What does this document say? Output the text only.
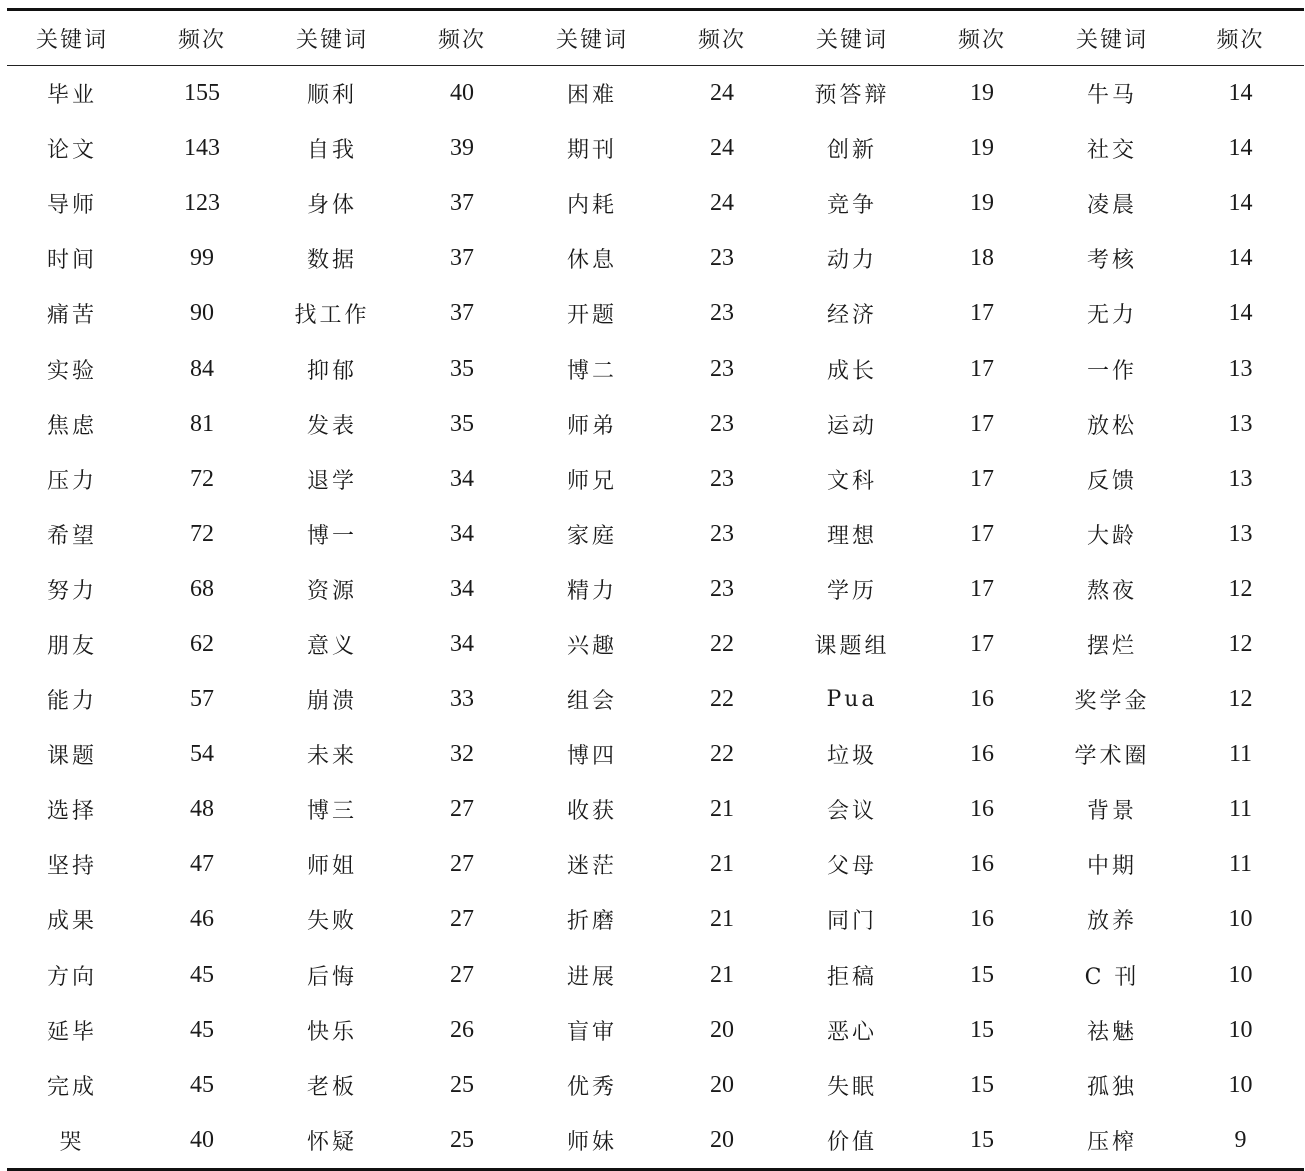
关键词	频次	关键词	频次	关键词	频次	关键词	频次	关键词	频次
毕业	155	顺利	40	困难	24	预答辩	19	牛马	14
论文	143	自我	39	期刊	24	创新	19	社交	14
导师	123	身体	37	内耗	24	竞争	19	凌晨	14
时间	99	数据	37	休息	23	动力	18	考核	14
痛苦	90	找工作	37	开题	23	经济	17	无力	14
实验	84	抑郁	35	博二	23	成长	17	一作	13
焦虑	81	发表	35	师弟	23	运动	17	放松	13
压力	72	退学	34	师兄	23	文科	17	反馈	13
希望	72	博一	34	家庭	23	理想	17	大龄	13
努力	68	资源	34	精力	23	学历	17	熬夜	12
朋友	62	意义	34	兴趣	22	课题组	17	摆烂	12
能力	57	崩溃	33	组会	22	Pua	16	奖学金	12
课题	54	未来	32	博四	22	垃圾	16	学术圈	11
选择	48	博三	27	收获	21	会议	16	背景	11
坚持	47	师姐	27	迷茫	21	父母	16	中期	11
成果	46	失败	27	折磨	21	同门	16	放养	10
方向	45	后悔	27	进展	21	拒稿	15	C 刊	10
延毕	45	快乐	26	盲审	20	恶心	15	祛魅	10
完成	45	老板	25	优秀	20	失眠	15	孤独	10
哭	40	怀疑	25	师妹	20	价值	15	压榨	9
